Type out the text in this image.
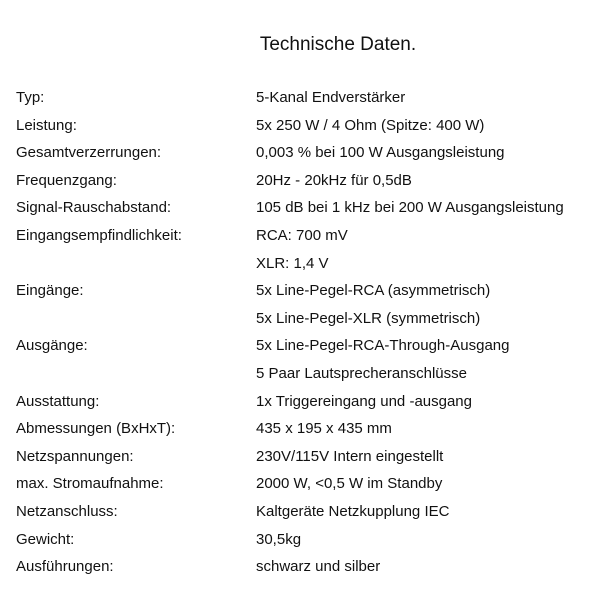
Technische Daten.
Typ:	5-Kanal Endverstärker
Leistung:	5x 250 W / 4 Ohm (Spitze: 400 W)
Gesamtverzerrungen:	0,003 % bei 100 W Ausgangsleistung
Frequenzgang:	20Hz - 20kHz für 0,5dB
Signal-Rauschabstand:	105 dB bei 1 kHz bei 200 W Ausgangsleistung
Eingangsempfindlichkeit:	RCA: 700 mV
XLR: 1,4 V
Eingänge:	5x Line-Pegel-RCA (asymmetrisch)
5x Line-Pegel-XLR (symmetrisch)
Ausgänge:	5x Line-Pegel-RCA-Through-Ausgang
5 Paar Lautsprecheranschlüsse
Ausstattung:	1x Triggereingang und -ausgang
Abmessungen (BxHxT):	435 x 195 x 435 mm
Netzspannungen:	230V/115V Intern eingestellt
max. Stromaufnahme:	2000 W, <0,5 W im Standby
Netzanschluss:	Kaltgeräte Netzkupplung IEC
Gewicht:	30,5kg
Ausführungen:	schwarz und silber
